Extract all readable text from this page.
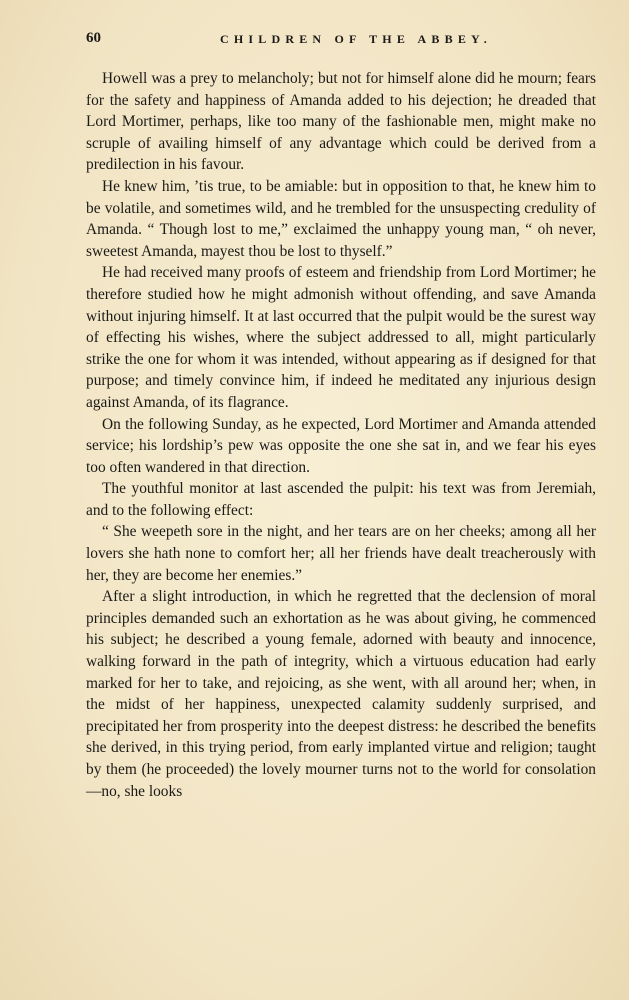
60	CHILDREN OF THE ABBEY.

Howell was a prey to melancholy; but not for himself alone did he mourn; fears for the safety and happiness of Amanda added to his dejection; he dreaded that Lord Mortimer, perhaps, like too many of the fashionable men, might make no scruple of availing himself of any advantage which could be derived from a predilection in his favour.

He knew him, ’tis true, to be amiable: but in opposition to that, he knew him to be volatile, and sometimes wild, and he trembled for the unsuspecting credulity of Amanda. “ Though lost to me,” exclaimed the unhappy young man, “ oh never, sweetest Amanda, mayest thou be lost to thyself.”

He had received many proofs of esteem and friendship from Lord Mortimer; he therefore studied how he might admonish without offending, and save Amanda without injuring himself. It at last occurred that the pulpit would be the surest way of effecting his wishes, where the subject addressed to all, might particularly strike the one for whom it was intended, without appearing as if designed for that purpose; and timely convince him, if indeed he meditated any injurious design against Amanda, of its flagrance.

On the following Sunday, as he expected, Lord Mortimer and Amanda attended service; his lordship’s pew was opposite the one she sat in, and we fear his eyes too often wandered in that direction.

The youthful monitor at last ascended the pulpit: his text was from Jeremiah, and to the following effect:

“ She weepeth sore in the night, and her tears are on her cheeks; among all her lovers she hath none to comfort her; all her friends have dealt treacherously with her, they are become her enemies.”

After a slight introduction, in which he regretted that the declension of moral principles demanded such an exhortation as he was about giving, he commenced his subject; he described a young female, adorned with beauty and innocence, walking forward in the path of integrity, which a virtuous education had early marked for her to take, and rejoicing, as she went, with all around her; when, in the midst of her happiness, unexpected calamity suddenly surprised, and precipitated her from prosperity into the deepest distress: he described the benefits she derived, in this trying period, from early implanted virtue and religion; taught by them (he proceeded) the lovely mourner turns not to the world for consolation—no, she looks
